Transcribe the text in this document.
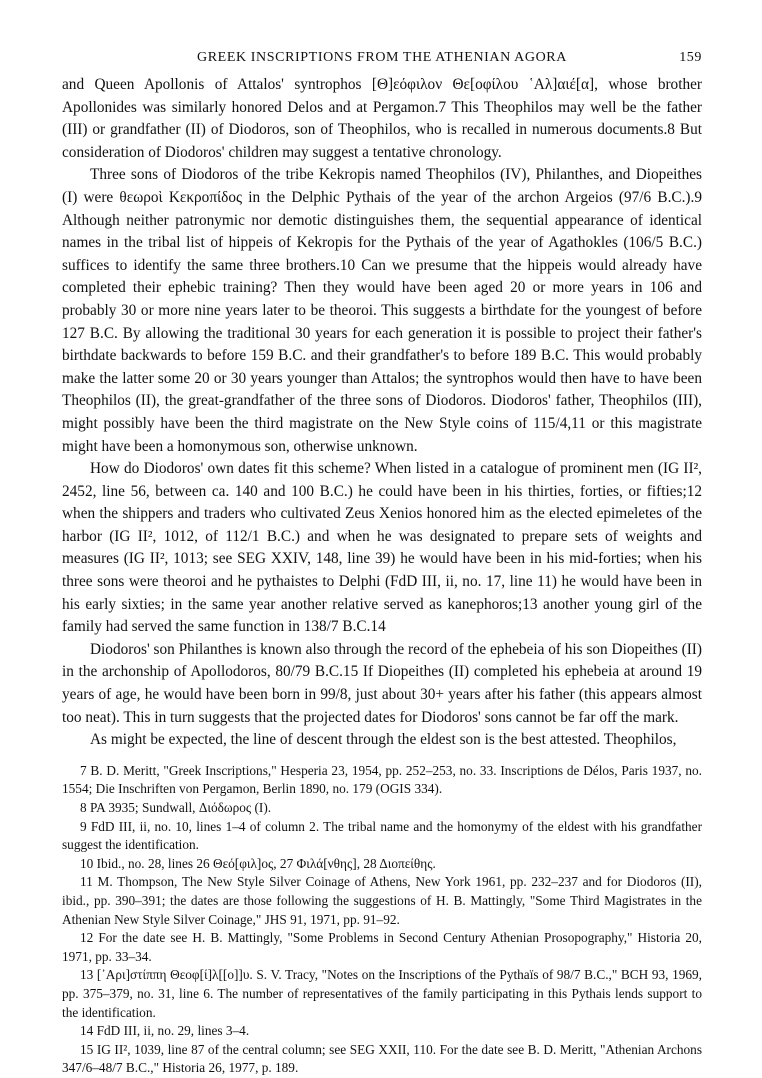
GREEK INSCRIPTIONS FROM THE ATHENIAN AGORA	159

and Queen Apollonis of Attalos' syntrophos [Θ]εόφιλον Θε[οφίλου ῾Αλ]αιέ[α], whose brother Apollonides was similarly honored Delos and at Pergamon.7 This Theophilos may well be the father (III) or grandfather (II) of Diodoros, son of Theophilos, who is recalled in numerous documents.8 But consideration of Diodoros' children may suggest a tentative chronology.

Three sons of Diodoros of the tribe Kekropis named Theophilos (IV), Philanthes, and Diopeithes (I) were θεωροὶ Κεκροπίδος in the Delphic Pythais of the year of the archon Argeios (97/6 B.C.).9 Although neither patronymic nor demotic distinguishes them, the sequential appearance of identical names in the tribal list of hippeis of Kekropis for the Pythais of the year of Agathokles (106/5 B.C.) suffices to identify the same three brothers.10 Can we presume that the hippeis would already have completed their ephebic training? Then they would have been aged 20 or more years in 106 and probably 30 or more nine years later to be theoroi. This suggests a birthdate for the youngest of before 127 B.C. By allowing the traditional 30 years for each generation it is possible to project their father's birthdate backwards to before 159 B.C. and their grandfather's to before 189 B.C. This would probably make the latter some 20 or 30 years younger than Attalos; the syntrophos would then have to have been Theophilos (II), the great-grandfather of the three sons of Diodoros. Diodoros' father, Theophilos (III), might possibly have been the third magistrate on the New Style coins of 115/4,11 or this magistrate might have been a homonymous son, otherwise unknown.

How do Diodoros' own dates fit this scheme? When listed in a catalogue of prominent men (IG II², 2452, line 56, between ca. 140 and 100 B.C.) he could have been in his thirties, forties, or fifties;12 when the shippers and traders who cultivated Zeus Xenios honored him as the elected epimeletes of the harbor (IG II², 1012, of 112/1 B.C.) and when he was designated to prepare sets of weights and measures (IG II², 1013; see SEG XXIV, 148, line 39) he would have been in his mid-forties; when his three sons were theoroi and he pythaistes to Delphi (FdD III, ii, no. 17, line 11) he would have been in his early sixties; in the same year another relative served as kanephoros;13 another young girl of the family had served the same function in 138/7 B.C.14

Diodoros' son Philanthes is known also through the record of the ephebeia of his son Diopeithes (II) in the archonship of Apollodoros, 80/79 B.C.15 If Diopeithes (II) completed his ephebeia at around 19 years of age, he would have been born in 99/8, just about 30+ years after his father (this appears almost too neat). This in turn suggests that the projected dates for Diodoros' sons cannot be far off the mark.

As might be expected, the line of descent through the eldest son is the best attested. Theophilos,

7 B. D. Meritt, "Greek Inscriptions," Hesperia 23, 1954, pp. 252–253, no. 33. Inscriptions de Délos, Paris 1937, no. 1554; Die Inschriften von Pergamon, Berlin 1890, no. 179 (OGIS 334).

8 PA 3935; Sundwall, Διόδωρος (I).

9 FdD III, ii, no. 10, lines 1–4 of column 2. The tribal name and the homonymy of the eldest with his grandfather suggest the identification.

10 Ibid., no. 28, lines 26 Θεό[φιλ]ος, 27 Φιλά[νθης], 28 Διοπείθης.

11 M. Thompson, The New Style Silver Coinage of Athens, New York 1961, pp. 232–237 and for Diodoros (II), ibid., pp. 390–391; the dates are those following the suggestions of H. B. Mattingly, "Some Third Magistrates in the Athenian New Style Silver Coinage," JHS 91, 1971, pp. 91–92.

12 For the date see H. B. Mattingly, "Some Problems in Second Century Athenian Prosopography," Historia 20, 1971, pp. 33–34.

13 [᾿Αρι]στίππη Θεοφ[ί]λ[[ο]]υ. S. V. Tracy, "Notes on the Inscriptions of the Pythaïs of 98/7 B.C.," BCH 93, 1969, pp. 375–379, no. 31, line 6. The number of representatives of the family participating in this Pythais lends support to the identification.

14 FdD III, ii, no. 29, lines 3–4.

15 IG II², 1039, line 87 of the central column; see SEG XXII, 110. For the date see B. D. Meritt, "Athenian Archons 347/6–48/7 B.C.," Historia 26, 1977, p. 189.
